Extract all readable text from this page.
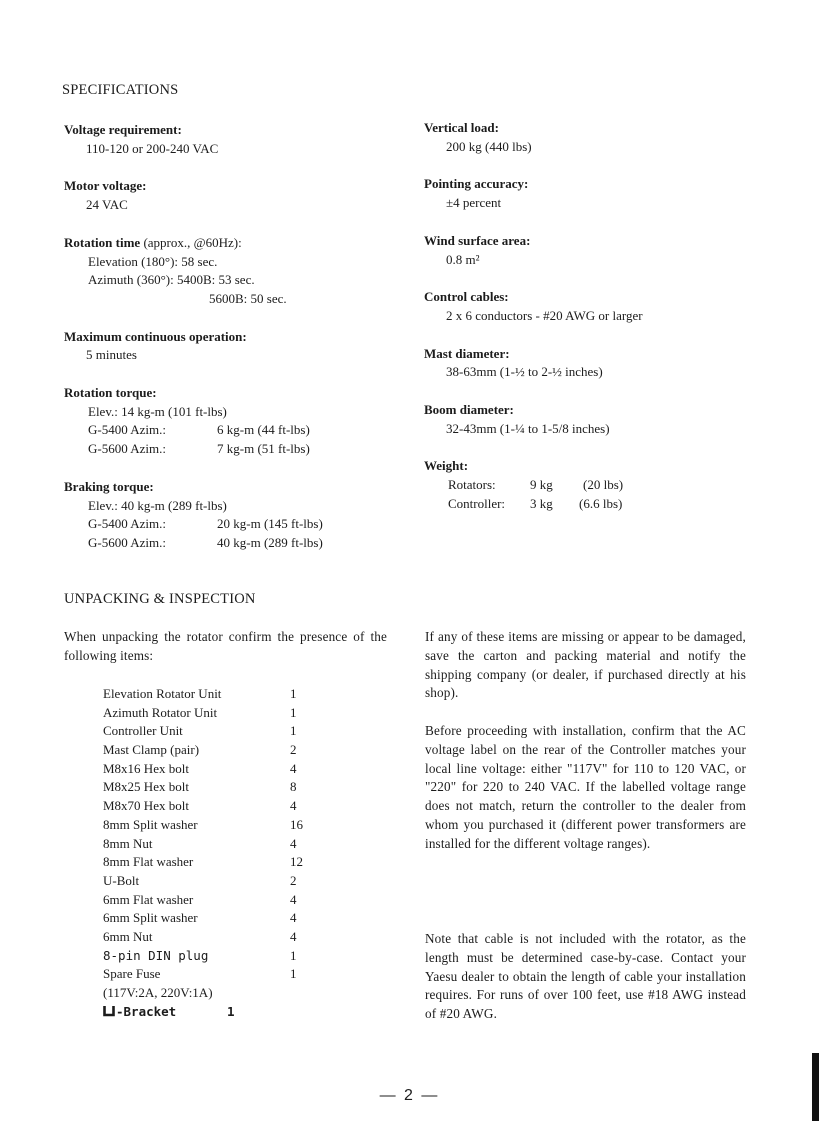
SPECIFICATIONS
Voltage requirement:
110-120 or 200-240 VAC
Motor voltage:
24 VAC
Rotation time (approx., @60Hz):
Elevation (180°): 58 sec.
Azimuth (360°): 5400B: 53 sec.
5600B: 50 sec.
Maximum continuous operation:
5 minutes
Rotation torque:
Elev.: 14 kg-m (101 ft-lbs)
G-5400 Azim.:	6 kg-m (44 ft-lbs)
G-5600 Azim.:	7 kg-m (51 ft-lbs)
Braking torque:
Elev.: 40 kg-m (289 ft-lbs)
G-5400 Azim.:	20 kg-m (145 ft-lbs)
G-5600 Azim.:	40 kg-m (289 ft-lbs)
Vertical load:
200 kg (440 lbs)
Pointing accuracy:
±4 percent
Wind surface area:
0.8 m²
Control cables:
2 x 6 conductors - #20 AWG or larger
Mast diameter:
38-63mm (1-½ to 2-½ inches)
Boom diameter:
32-43mm (1-¼ to 1-5/8 inches)
Weight:
Rotators:	9 kg (20 lbs)
Controller: 3 kg (6.6 lbs)
UNPACKING & INSPECTION
When unpacking the rotator confirm the presence of the following items:
Elevation Rotator Unit	1
Azimuth Rotator Unit	1
Controller Unit	1
Mast Clamp (pair)	2
M8x16 Hex bolt	4
M8x25 Hex bolt	8
M8x70 Hex bolt	4
8mm Split washer	16
8mm Nut	4
8mm Flat washer	12
U-Bolt	2
6mm Flat washer	4
6mm Split washer	4
6mm Nut	4
8-pin DIN plug	1
Spare Fuse	1
(117V:2A, 220V:1A)
-Bracket	1
If any of these items are missing or appear to be damaged, save the carton and packing material and notify the shipping company (or dealer, if purchased directly at his shop).
Before proceeding with installation, confirm that the AC voltage label on the rear of the Controller matches your local line voltage: either "117V" for 110 to 120 VAC, or "220" for 220 to 240 VAC. If the labelled voltage range does not match, return the controller to the dealer from whom you purchased it (different power transformers are installed for the different voltage ranges).
Note that cable is not included with the rotator, as the length must be determined case-by-case. Contact your Yaesu dealer to obtain the length of cable your installation requires. For runs of over 100 feet, use #18 AWG instead of #20 AWG.
— 2 —
